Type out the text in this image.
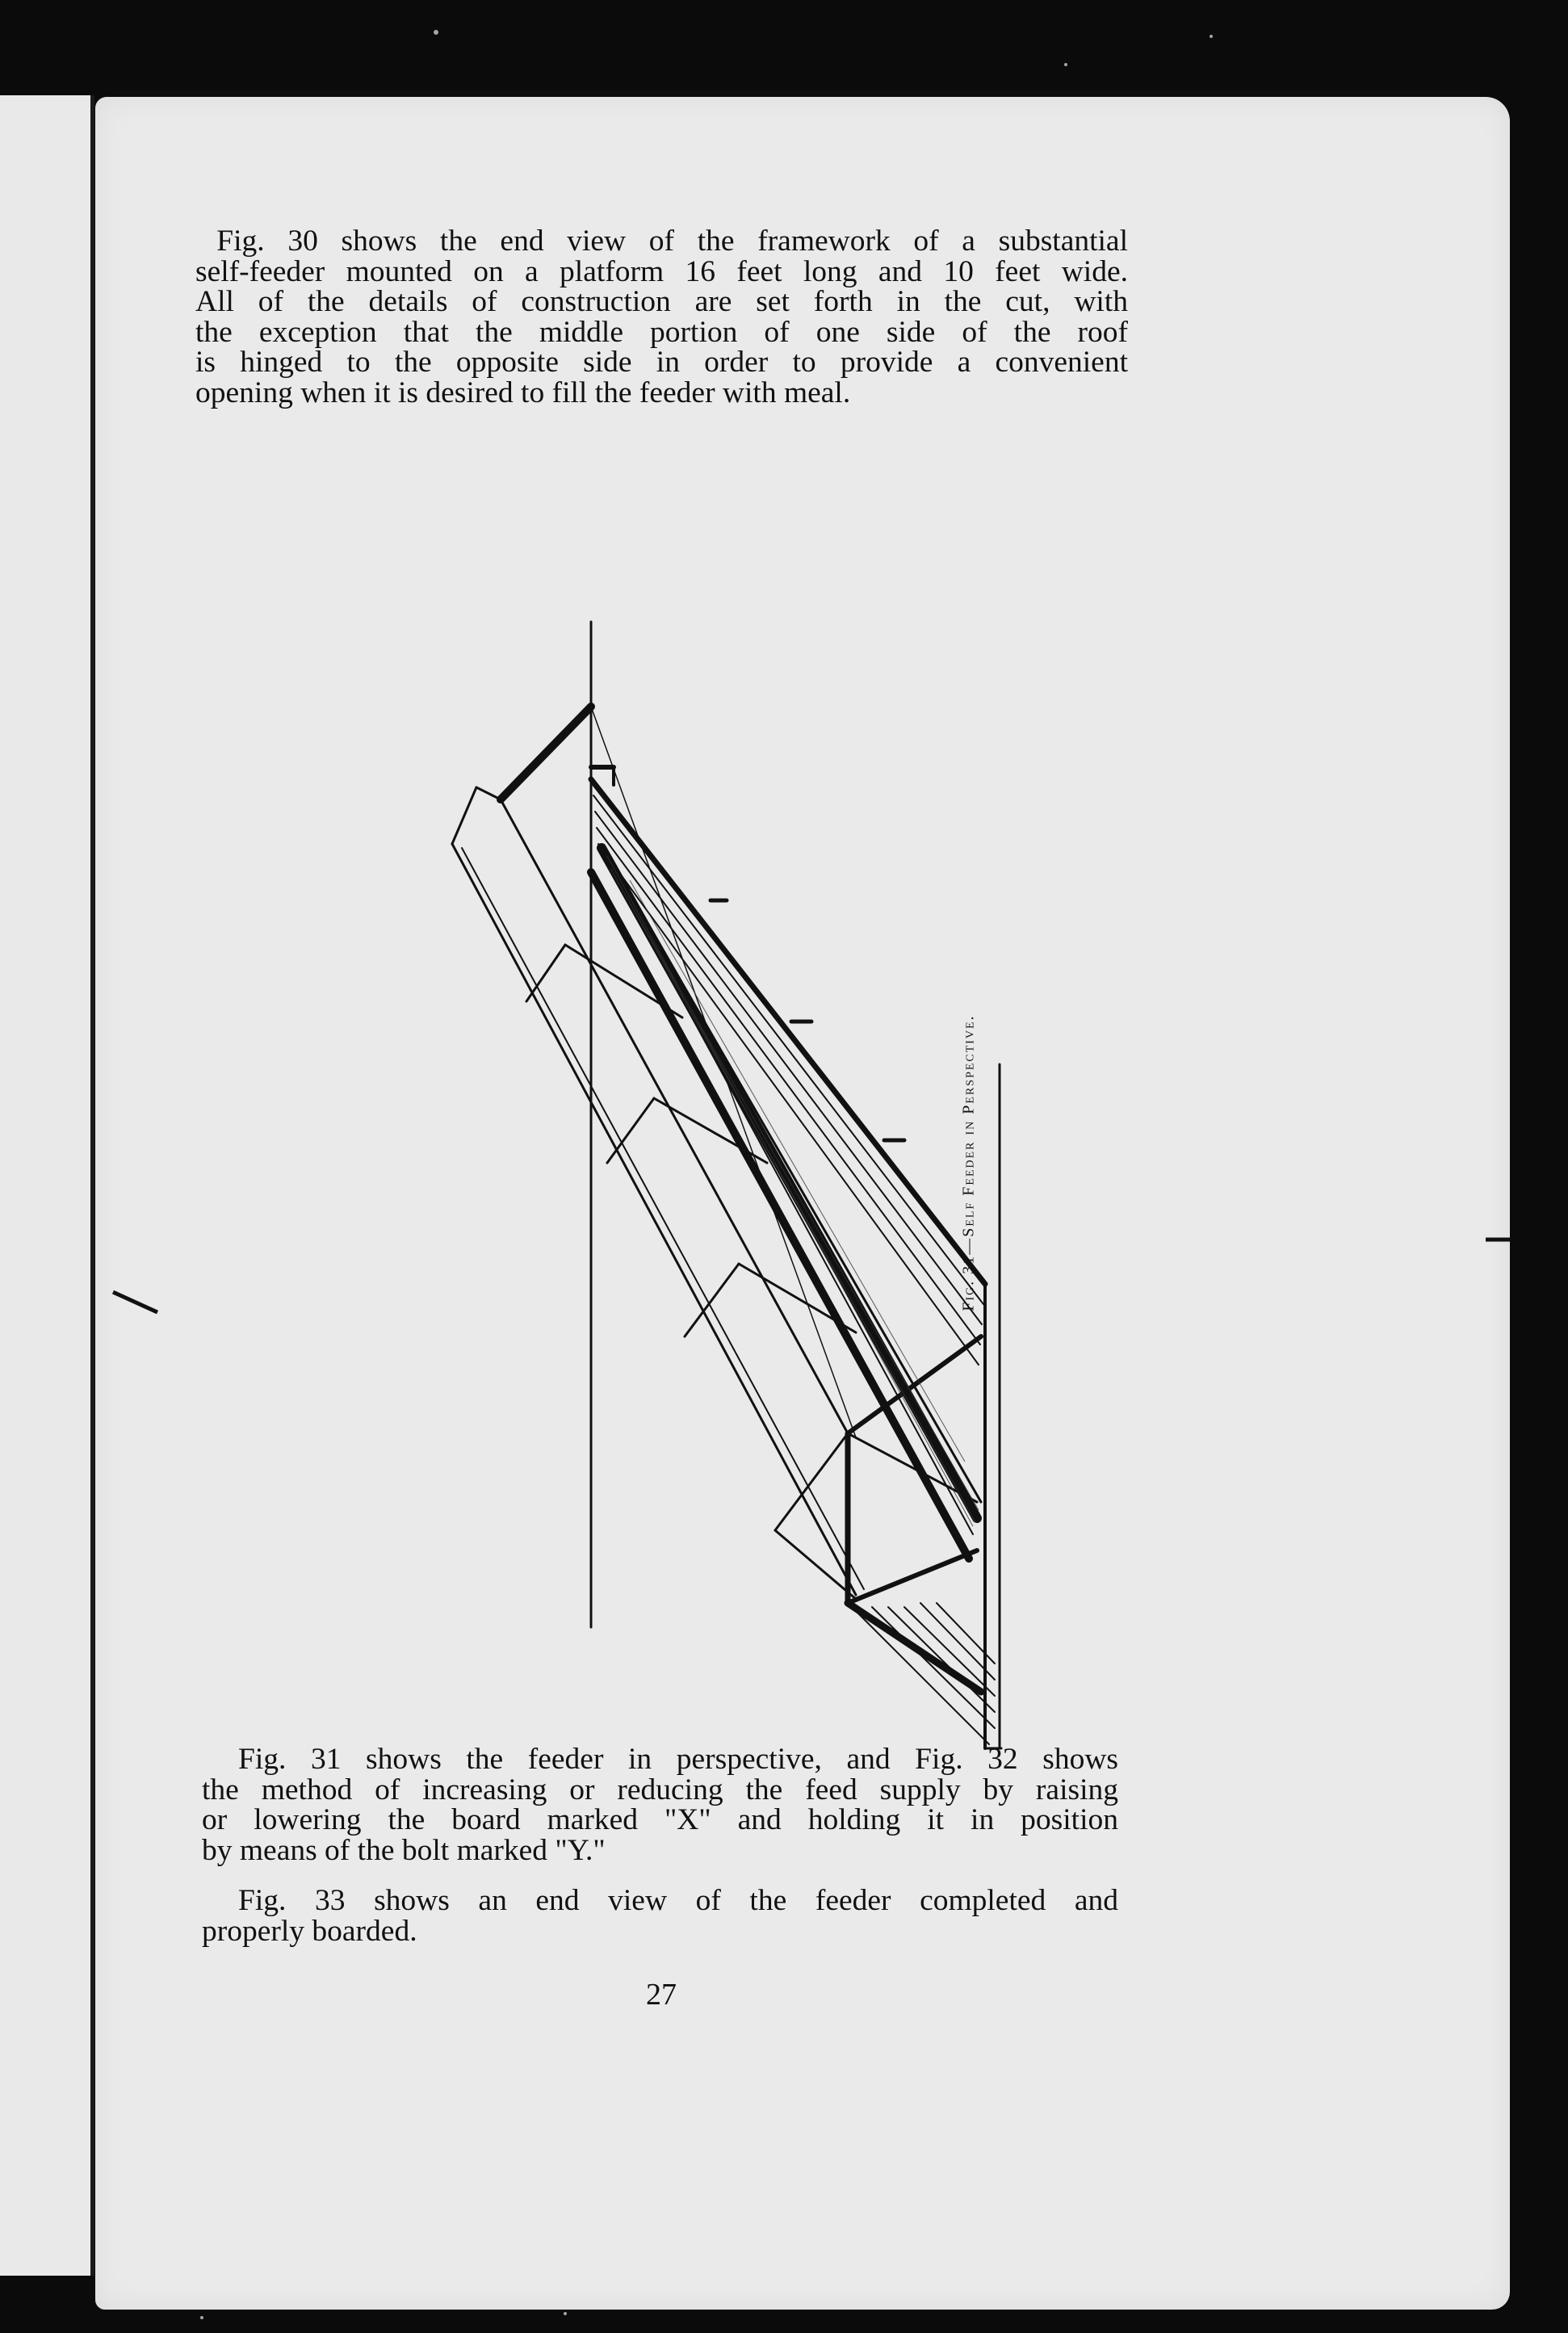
Fig. 30 shows the end view of the framework of a substantial
self-feeder mounted on a platform 16 feet long and 10 feet wide.
All of the details of construction are set forth in the cut, with
the exception that the middle portion of one side of the roof
is hinged to the opposite side in order to provide a convenient
opening when it is desired to fill the feeder with meal.
Fig. 31—Self Feeder in Perspective.
Fig. 31 shows the feeder in perspective, and Fig. 32 shows
the method of increasing or reducing the feed supply by raising
or lowering the board marked "X" and holding it in position
by means of the bolt marked "Y."
Fig. 33 shows an end view of the feeder completed and
properly boarded.
27
